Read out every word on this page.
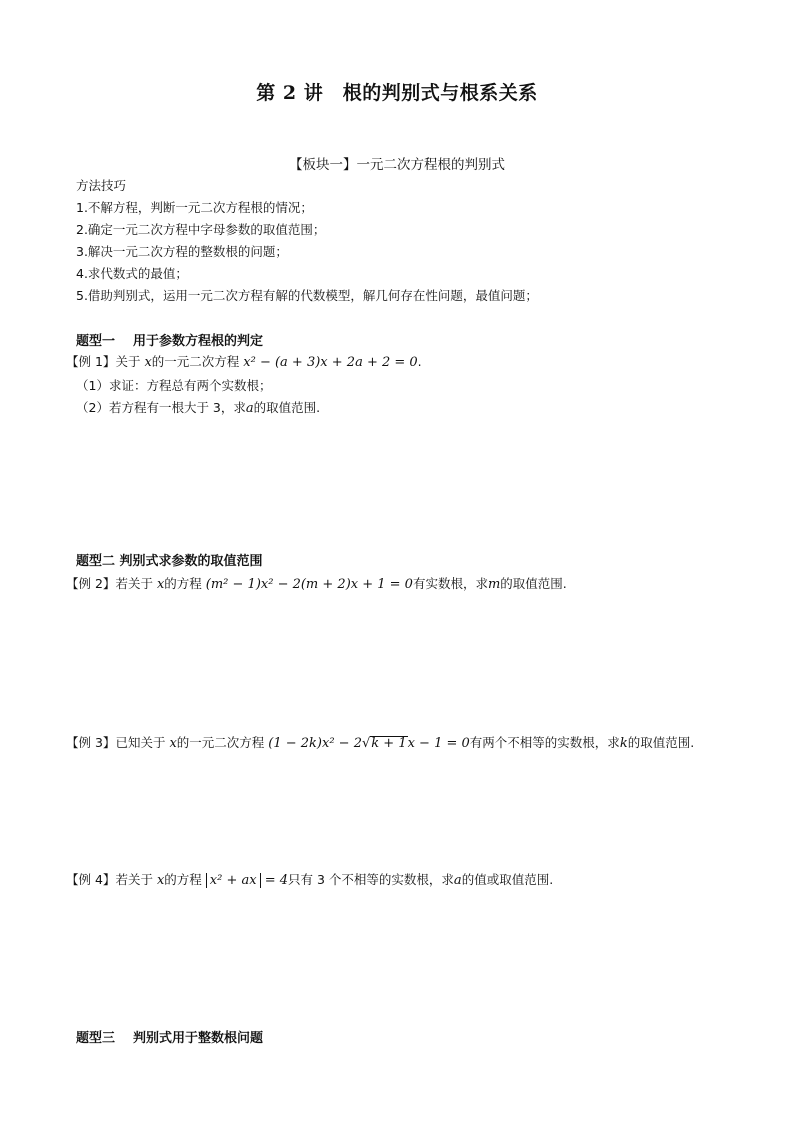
第 2 讲　根的判别式与根系关系
【板块一】一元二次方程根的判别式
方法技巧
1.不解方程，判断一元二次方程根的情况；
2.确定一元二次方程中字母参数的取值范围；
3.解决一元二次方程的整数根的问题；
4.求代数式的最值；
5.借助判别式，运用一元二次方程有解的代数模型，解几何存在性问题，最值问题；
题型一 用于参数方程根的判定
【例 1】关于 x的一元二次方程 x² − (a + 3)x + 2a + 2 = 0.
（1）求证：方程总有两个实数根；
（2）若方程有一根大于 3，求a的取值范围.
题型二 判别式求参数的取值范围
【例 2】若关于 x的方程 (m² − 1)x² − 2(m + 2)x + 1 = 0有实数根，求m的取值范围.
【例 3】已知关于 x的一元二次方程 (1 − 2k)x² − 2√k + 1x − 1 = 0有两个不相等的实数根，求k的取值范围.
【例 4】若关于 x的方程 x² + ax = 4只有 3 个不相等的实数根，求a的值或取值范围.
题型三 判别式用于整数根问题
